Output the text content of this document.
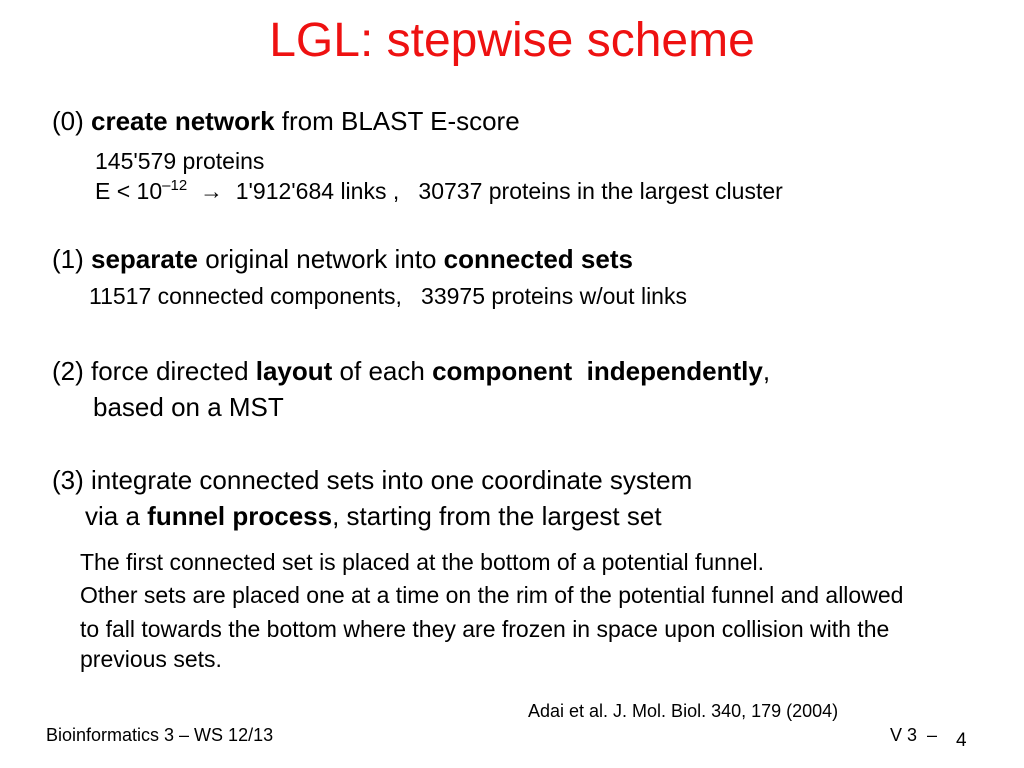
LGL: stepwise scheme
(0) create network from BLAST E-score
145'579 proteins
$E < 10^{-12} \to 1'912'684$ links ,   30737 proteins in the largest cluster
(1) separate original network into connected sets
11517 connected components,   33975 proteins w/out links
(2) force directed layout of each component  independently,
based on a MST
(3) integrate connected sets into one coordinate system
via a funnel process, starting from the largest set
The first connected set is placed at the bottom of a potential funnel.
Other sets are placed one at a time on the rim of the potential funnel and allowed
to fall towards the bottom where they are frozen in space upon collision with the
previous sets.
Adai et al. J. Mol. Biol. 340, 179 (2004)
Bioinformatics 3 – WS 12/13	V 3  – 4
